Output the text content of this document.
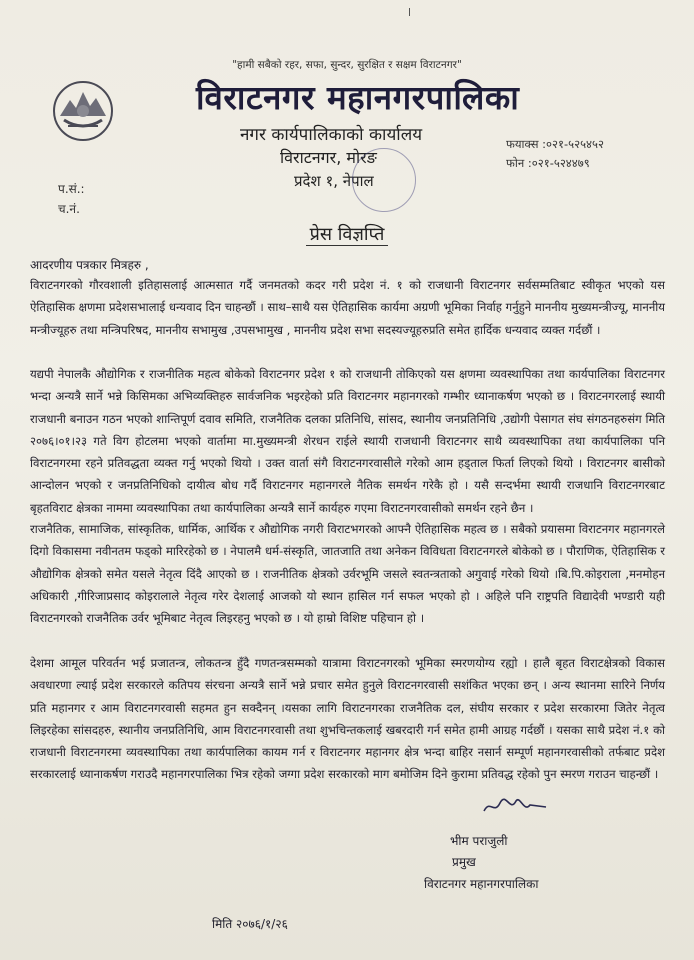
"हामी सबैको रहर, सफा, सुन्दर, सुरक्षित र सक्षम विराटनगर"
विराटनगर महानगरपालिका
नगर कार्यपालिकाको कार्यालय
विराटनगर, मोरङ
प्रदेश १, नेपाल
फयाक्स :०२१-५२५४५२
फोन :०२१-५२४४७९
प.सं.:
च.नं.
प्रेस विज्ञप्ति
आदरणीय पत्रकार मित्रहरु ,

विराटनगरको गौरवशाली इतिहासलाई आत्मसात गर्दै जनमतको कदर गरी प्रदेश नं. १ को राजधानी विराटनगर सर्वसम्मतिबाट स्वीकृत भएको यस ऐतिहासिक क्षणमा प्रदेशसभालाई धन्यवाद दिन चाहन्छौं । साथ–साथै यस ऐतिहासिक कार्यमा अग्रणी भूमिका निर्वाह गर्नुहुने माननीय मुख्यमन्त्रीज्यू, माननीय मन्त्रीज्यूहरु तथा मन्त्रिपरिषद, माननीय सभामुख ,उपसभामुख , माननीय प्रदेश सभा सदस्यज्यूहरुप्रति समेत हार्दिक धन्यवाद व्यक्त गर्दछौं ।

यद्यपी नेपालकै औद्योगिक र राजनीतिक महत्व बोकेको विराटनगर प्रदेश १ को राजधानी तोकिएको यस क्षणमा व्यवस्थापिका तथा कार्यपालिका विराटनगर भन्दा अन्यत्रै सार्ने भन्ने किसिमका अभिव्यक्तिहरु सार्वजनिक भइरहेको प्रति विराटनगर महानगरको गम्भीर ध्यानाकर्षण भएको छ । विराटनगरलाई स्थायी राजधानी बनाउन गठन भएको शान्तिपूर्ण दवाव समिति, राजनैतिक दलका प्रतिनिधि, सांसद, स्थानीय जनप्रतिनिधि ,उद्योगी पेसागत संघ संगठनहरुसंग मिति २०७६।०१।२३ गते विग होटलमा भएको वार्तामा मा.मुख्यमन्त्री शेरधन राईले स्थायी राजधानी विराटनगर साथै व्यवस्थापिका तथा कार्यपालिका पनि विराटनगरमा रहने प्रतिवद्धता व्यक्त गर्नु भएको थियो । उक्त वार्ता संगै विराटनगरवासीले गरेको आम हड्ताल फिर्ता लिएको थियो । विराटनगर बासीको आन्दोलन भएको र जनप्रतिनिधिको दायीत्व बोध गर्दै विराटनगर महानगरले नैतिक समर्थन गरेकै हो । यसै सन्दर्भमा स्थायी राजधानि विराटनगरबाट बृहतविराट क्षेत्रका नाममा व्यवस्थापिका तथा कार्यपालिका अन्यत्रै सार्ने कार्यहरु गएमा विराटनगरवासीको समर्थन रहने छैन ।

राजनैतिक, सामाजिक, सांस्कृतिक, धार्मिक, आर्थिक र औद्योगिक नगरी विराटभगरको आफ्नै ऐतिहासिक महत्व छ । सबैको प्रयासमा विराटनगर महानगरले दिगो विकासमा नवीनतम फड्को मारिरहेको छ । नेपालमै धर्म-संस्कृति, जातजाति तथा अनेकन विविधता विराटनगरले बोकेको छ । पौराणिक, ऐतिहासिक र औद्योगिक क्षेत्रको समेत यसले नेतृत्व दिंदै आएको छ । राजनीतिक क्षेत्रको उर्वरभूमि जसले स्वतन्त्रताको अगुवाई गरेको थियो ।बि.पि.कोइराला ,मनमोहन अधिकारी ,गीरिजाप्रसाद कोइरालाले नेतृत्व गरेर देशलाई आजको यो स्थान हासिल गर्न सफल भएको हो । अहिले पनि राष्ट्रपति विद्यादेवी भण्डारी यही विराटनगरको राजनैतिक उर्वर भूमिबाट नेतृत्व लिइरहनु भएको छ । यो हाम्रो विशिष्ट पहिचान हो ।

देशमा आमूल परिवर्तन भई प्रजातन्त्र, लोकतन्त्र हुँदै गणतन्त्रसम्मको यात्रामा विराटनगरको भूमिका स्मरणयोग्य रह्यो । हालै बृहत विराटक्षेत्रको विकास अवधारणा ल्याई प्रदेश सरकारले कतिपय संरचना अन्यत्रै सार्ने भन्ने प्रचार समेत हुनुले विराटनगरवासी सशंकित भएका छन् । अन्य स्थानमा सारिने निर्णय प्रति महानगर र आम विराटनगरवासी सहमत हुन सक्दैनन् ।यसका लागि विराटनगरका राजनैतिक दल, संघीय सरकार र प्रदेश सरकारमा जितेर नेतृत्व लिइरहेका सांसदहरु, स्थानीय जनप्रतिनिधि, आम विराटनगरवासी तथा शुभचिन्तकलाई खबरदारी गर्न समेत हामी आग्रह गर्दछौं । यसका साथै प्रदेश नं.१ को राजधानी विराटनगरमा व्यवस्थापिका तथा कार्यपालिका कायम गर्न र विराटनगर महानगर क्षेत्र भन्दा बाहिर नसार्न सम्पूर्ण महानगरवासीको तर्फबाट प्रदेश सरकारलाई ध्यानाकर्षण गराउदै महानगरपालिका भित्र रहेको जग्गा प्रदेश सरकारको माग बमोजिम दिने कुरामा प्रतिवद्ध रहेको पुन स्मरण गराउन चाहन्छौं ।

भीम पराजुली
प्रमुख
विराटनगर महानगरपालिका
मिति २०७६/१/२६
